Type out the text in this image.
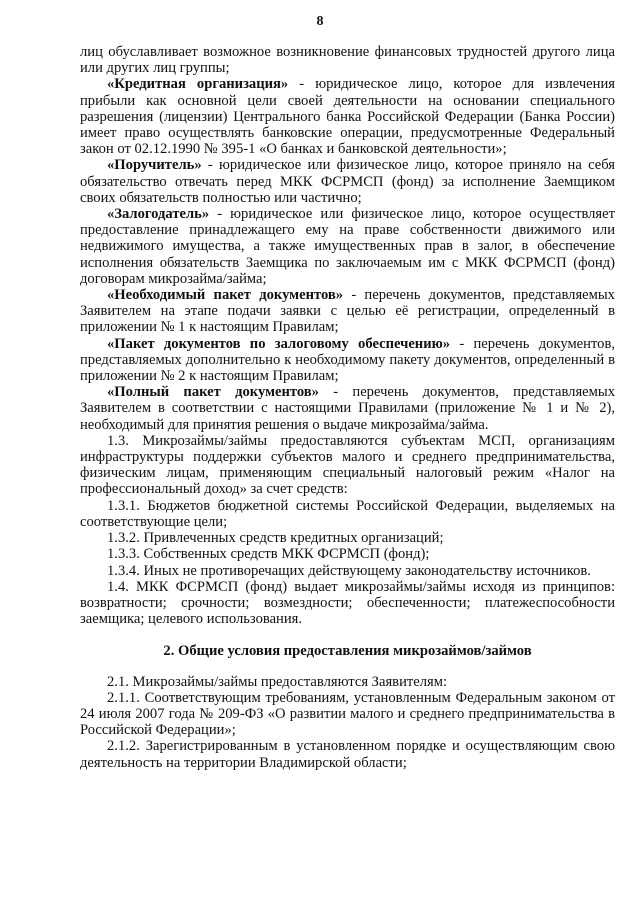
8

лиц обуславливает возможное возникновение финансовых трудностей другого лица или других лиц группы;

«Кредитная организация» - юридическое лицо, которое для извлечения прибыли как основной цели своей деятельности на основании специального разрешения (лицензии) Центрального банка Российской Федерации (Банка России) имеет право осуществлять банковские операции, предусмотренные Федеральный закон от 02.12.1990 № 395-1 «О банках и банковской деятельности»;

«Поручитель» - юридическое или физическое лицо, которое приняло на себя обязательство отвечать перед МКК ФСРМСП (фонд) за исполнение Заемщиком своих обязательств полностью или частично;

«Залогодатель» - юридическое или физическое лицо, которое осуществляет предоставление принадлежащего ему на праве собственности движимого или недвижимого имущества, а также имущественных прав в залог, в обеспечение исполнения обязательств Заемщика по заключаемым им с МКК ФСРМСП (фонд) договорам микрозайма/займа;

«Необходимый пакет документов» - перечень документов, представляемых Заявителем на этапе подачи заявки с целью её регистрации, определенный в приложении № 1 к настоящим Правилам;

«Пакет документов по залоговому обеспечению» - перечень документов, представляемых дополнительно к необходимому пакету документов, определенный в приложении № 2 к настоящим Правилам;

«Полный пакет документов» - перечень документов, представляемых Заявителем в соответствии с настоящими Правилами (приложение № 1 и № 2), необходимый для принятия решения о выдаче микрозайма/займа.

1.3. Микрозаймы/займы предоставляются субъектам МСП, организациям инфраструктуры поддержки субъектов малого и среднего предпринимательства, физическим лицам, применяющим специальный налоговый режим «Налог на профессиональный доход» за счет средств:

1.3.1. Бюджетов бюджетной системы Российской Федерации, выделяемых на соответствующие цели;

1.3.2. Привлеченных средств кредитных организаций;

1.3.3. Собственных средств МКК ФСРМСП (фонд);

1.3.4. Иных не противоречащих действующему законодательству источников.

1.4. МКК ФСРМСП (фонд) выдает микрозаймы/займы исходя из принципов: возвратности; срочности; возмездности; обеспеченности; платежеспособности заемщика; целевого использования.

2. Общие условия предоставления микрозаймов/займов

2.1. Микрозаймы/займы предоставляются Заявителям:

2.1.1. Соответствующим требованиям, установленным Федеральным законом от 24 июля 2007 года № 209-ФЗ «О развитии малого и среднего предпринимательства в Российской Федерации»;

2.1.2. Зарегистрированным в установленном порядке и осуществляющим свою деятельность на территории Владимирской области;
